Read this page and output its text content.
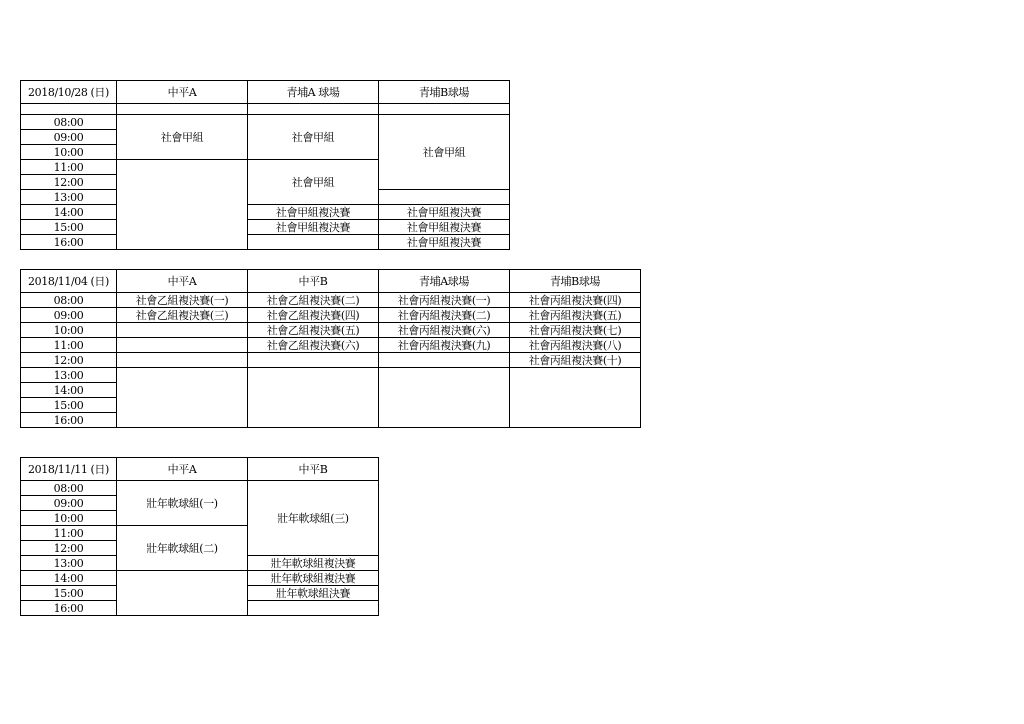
2018/10/28 (日)	中平A	青埔A 球場	青埔B球場

08:00	社會甲組	社會甲組	社會甲組
09:00			
10:00			
11:00		社會甲組	
12:00			
13:00			
14:00		社會甲組複決賽	社會甲組複決賽
15:00		社會甲組複決賽	社會甲組複決賽
16:00			社會甲組複決賽
2018/11/04 (日)	中平A	中平B	青埔A球場	青埔B球場
08:00	社會乙組複決賽(一)	社會乙組複決賽(二)	社會丙組複決賽(一)	社會丙組複決賽(四)
09:00	社會乙組複決賽(三)	社會乙組複決賽(四)	社會丙組複決賽(二)	社會丙組複決賽(五)
10:00		社會乙組複決賽(五)	社會丙組複決賽(六)	社會丙組複決賽(七)
11:00		社會乙組複決賽(六)	社會丙組複決賽(九)	社會丙組複決賽(八)
12:00				社會丙組複決賽(十)
13:00				
14:00				
15:00				
16:00				
2018/11/11 (日)	中平A	中平B
08:00	壯年軟球組(一)	壯年軟球組(三)
09:00		
10:00		
11:00	壯年軟球組(二)	
12:00		
13:00		壯年軟球組複決賽
14:00		壯年軟球組複決賽
15:00		壯年軟球組決賽
16:00		
